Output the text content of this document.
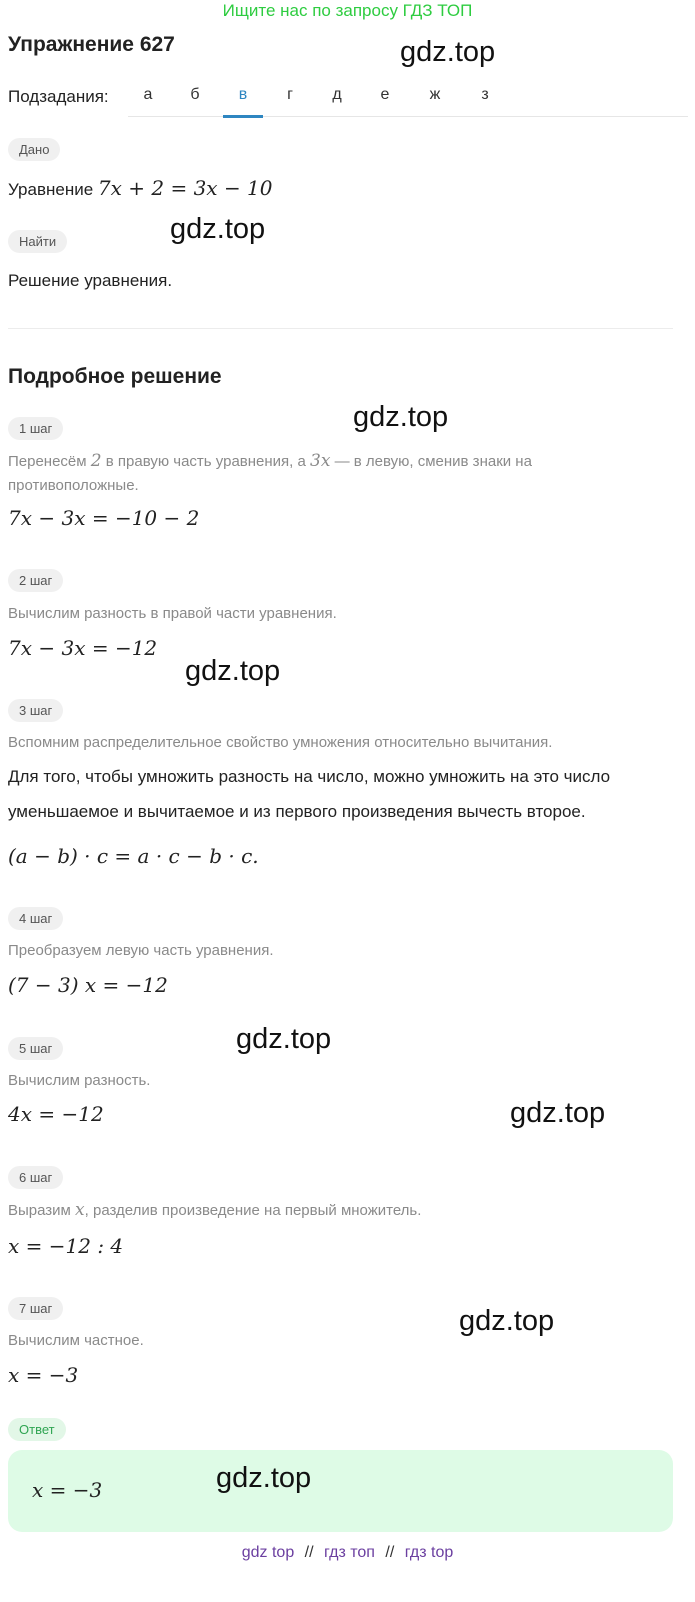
Ищите нас по запросу ГДЗ ТОП
Упражнение 627
Подзадания:	а	б	в	г	д	е	ж	з
Дано
Уравнение 7x + 2 = 3x − 10
Найти
Решение уравнения.
Подробное решение
1 шаг
Перенесём 2 в правую часть уравнения, а 3x — в левую, сменив знаки на
противоположные.
7x − 3x = −10 − 2
2 шаг
Вычислим разность в правой части уравнения.
7x − 3x = −12
3 шаг
Вспомним распределительное свойство умножения относительно вычитания.
Для того, чтобы умножить разность на число, можно умножить на это число
уменьшаемое и вычитаемое и из первого произведения вычесть второе.
(a − b) · c = a · c − b · c.
4 шаг
Преобразуем левую часть уравнения.
(7 − 3) x = −12
5 шаг
Вычислим разность.
4x = −12
6 шаг
Выразим x, разделив произведение на первый множитель.
x = −12 : 4
7 шаг
Вычислим частное.
x = −3
Ответ
x = −3
gdz.top
gdz.top
gdz.top
gdz.top
gdz.top
gdz.top
gdz.top
gdz.top
gdz top // гдз топ // гдз top
